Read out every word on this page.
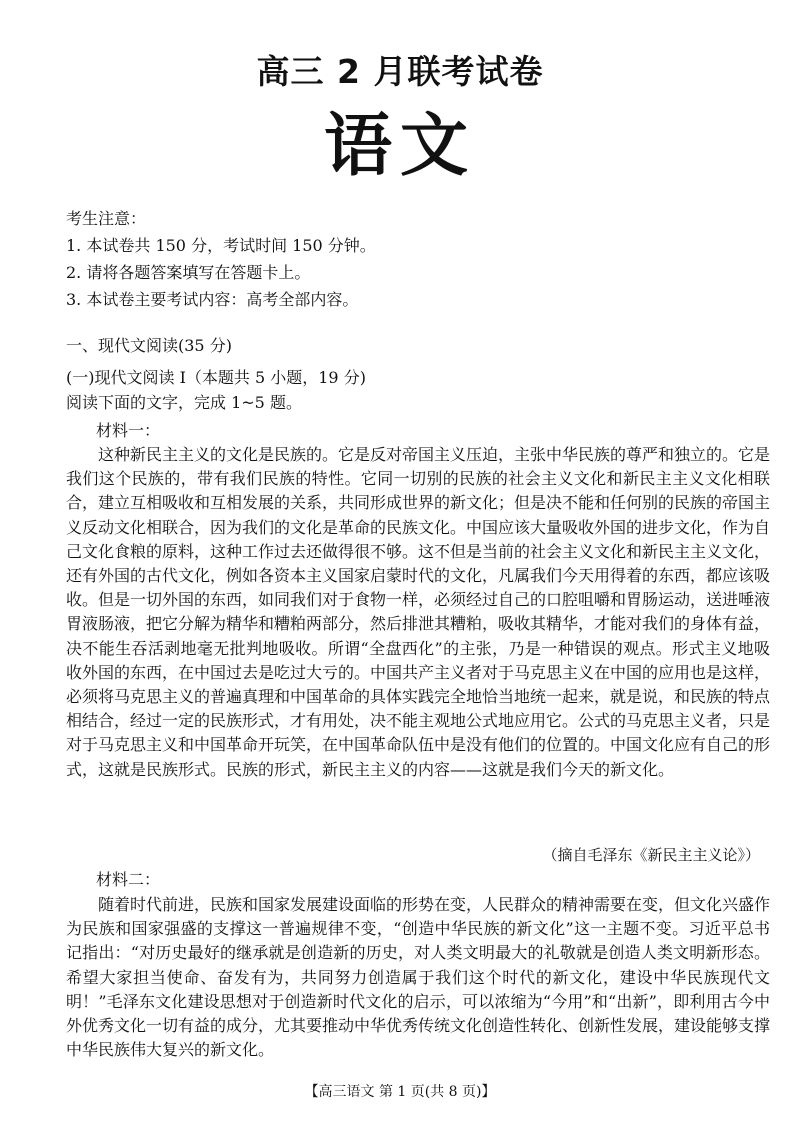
高三 2 月联考试卷
语文
考生注意：
1. 本试卷共 150 分，考试时间 150 分钟。
2. 请将各题答案填写在答题卡上。
3. 本试卷主要考试内容：高考全部内容。
一、现代文阅读(35 分)
(一)现代文阅读 I（本题共 5 小题，19 分)
阅读下面的文字，完成 1~5 题。
材料一：

这种新民主主义的文化是民族的。它是反对帝国主义压迫，主张中华民族的尊严和独立的。它是我们这个民族的，带有我们民族的特性。它同一切别的民族的社会主义文化和新民主主义文化相联合，建立互相吸收和互相发展的关系，共同形成世界的新文化；但是决不能和任何别的民族的帝国主义反动文化相联合，因为我们的文化是革命的民族文化。中国应该大量吸收外国的进步文化，作为自己文化食粮的原料，这种工作过去还做得很不够。这不但是当前的社会主义文化和新民主主义文化，还有外国的古代文化，例如各资本主义国家启蒙时代的文化，凡属我们今天用得着的东西，都应该吸收。但是一切外国的东西，如同我们对于食物一样，必须经过自己的口腔咀嚼和胃肠运动，送进唾液胃液肠液，把它分解为精华和糟粕两部分，然后排泄其糟粕，吸收其精华，才能对我们的身体有益，决不能生吞活剥地毫无批判地吸收。所谓“全盘西化”的主张，乃是一种错误的观点。形式主义地吸收外国的东西，在中国过去是吃过大亏的。中国共产主义者对于马克思主义在中国的应用也是这样，必须将马克思主义的普遍真理和中国革命的具体实践完全地恰当地统一起来，就是说，和民族的特点相结合，经过一定的民族形式，才有用处，决不能主观地公式地应用它。公式的马克思主义者，只是对于马克思主义和中国革命开玩笑，在中国革命队伍中是没有他们的位置的。中国文化应有自己的形式，这就是民族形式。民族的形式，新民主主义的内容——这就是我们今天的新文化。

（摘自毛泽东《新民主主义论》）
材料二：

随着时代前进，民族和国家发展建设面临的形势在变，人民群众的精神需要在变，但文化兴盛作为民族和国家强盛的支撑这一普遍规律不变，“创造中华民族的新文化”这一主题不变。习近平总书记指出：“对历史最好的继承就是创造新的历史，对人类文明最大的礼敬就是创造人类文明新形态。希望大家担当使命、奋发有为，共同努力创造属于我们这个时代的新文化，建设中华民族现代文明！”毛泽东文化建设思想对于创造新时代文化的启示，可以浓缩为“今用”和“出新”，即利用古今中外优秀文化一切有益的成分，尤其要推动中华优秀传统文化创造性转化、创新性发展，建设能够支撑中华民族伟大复兴的新文化。

【高三语文 第 1 页(共 8 页)】
